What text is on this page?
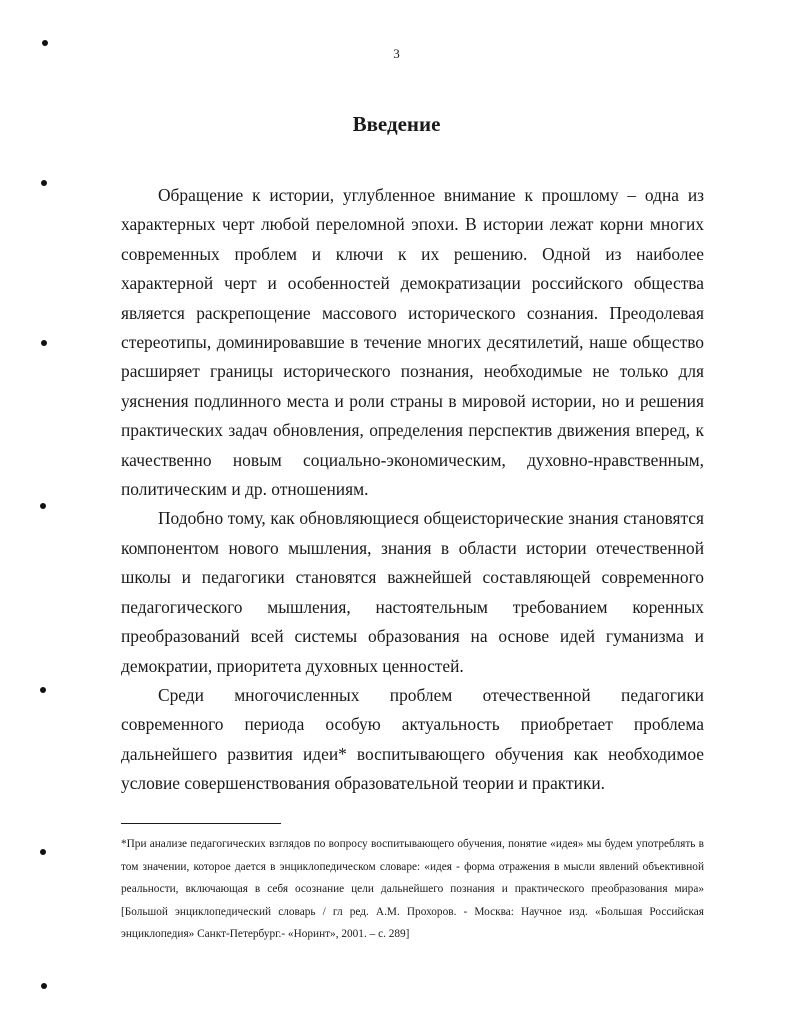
3
Введение

Обращение к истории, углубленное внимание к прошлому – одна из характерных черт любой переломной эпохи. В истории лежат корни многих современных проблем и ключи к их решению. Одной из наиболее характерной черт и особенностей демократизации российского общества является раскрепощение массового исторического сознания. Преодолевая стереотипы, доминировавшие в течение многих десятилетий, наше общество расширяет границы исторического познания, необходимые не только для уяснения подлинного места и роли страны в мировой истории, но и решения практических задач обновления, определения перспектив движения вперед, к качественно новым социально-экономическим, духовно-нравственным, политическим и др. отношениям.

Подобно тому, как обновляющиеся общеисторические знания становятся компонентом нового мышления, знания в области истории отечественной школы и педагогики становятся важнейшей составляющей современного педагогического мышления, настоятельным требованием коренных преобразований всей системы образования на основе идей гуманизма и демократии, приоритета духовных ценностей.

Среди многочисленных проблем отечественной педагогики современного периода особую актуальность приобретает проблема дальнейшего развития идеи* воспитывающего обучения как необходимое условие совершенствования образовательной теории и практики.

*При анализе педагогических взглядов по вопросу воспитывающего обучения, понятие «идея» мы будем употреблять в том значении, которое дается в энциклопедическом словаре: «идея - форма отражения в мысли явлений объективной реальности, включающая в себя осознание цели дальнейшего познания и практического преобразования мира» [Большой энциклопедический словарь / гл ред. А.М. Прохоров. - Москва: Научное изд. «Большая Российская энциклопедия» Санкт-Петербург.- «Норинт», 2001. – с. 289]
